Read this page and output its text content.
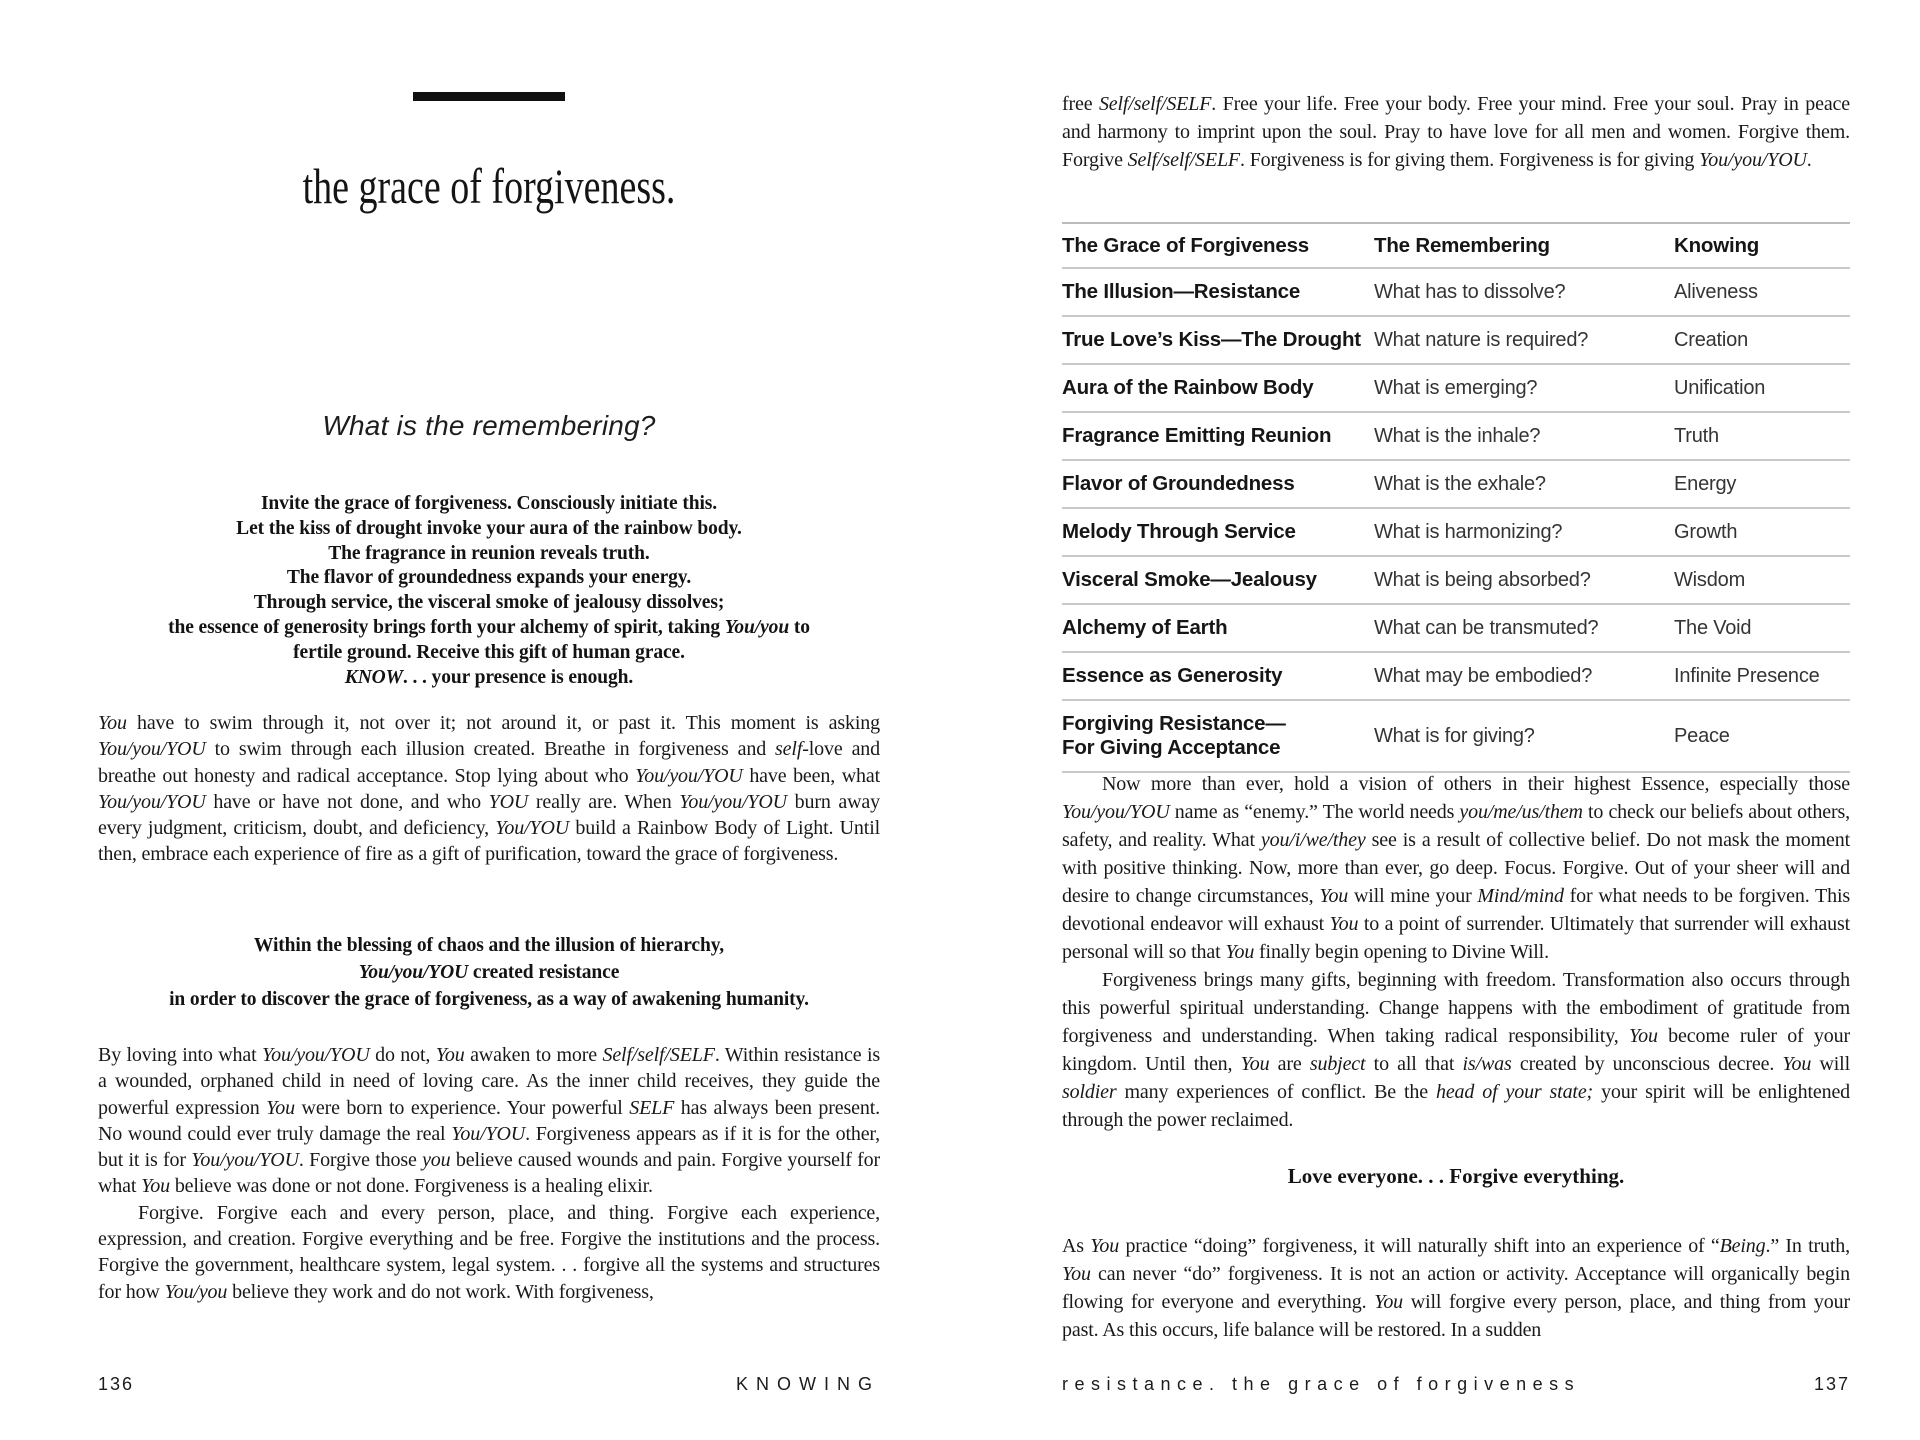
the grace of forgiveness.
What is the remembering?
Invite the grace of forgiveness. Consciously initiate this.
Let the kiss of drought invoke your aura of the rainbow body.
The fragrance in reunion reveals truth.
The flavor of groundedness expands your energy.
Through service, the visceral smoke of jealousy dissolves;
the essence of generosity brings forth your alchemy of spirit, taking You/you to
fertile ground. Receive this gift of human grace.
KNOW. . . your presence is enough.

You have to swim through it, not over it; not around it, or past it. This moment is asking You/you/YOU to swim through each illusion created. Breathe in forgiveness and self-love and breathe out honesty and radical acceptance. Stop lying about who You/you/YOU have been, what You/you/YOU have or have not done, and who YOU really are. When You/you/YOU burn away every judgment, criticism, doubt, and deficiency, You/YOU build a Rainbow Body of Light. Until then, embrace each experience of fire as a gift of purification, toward the grace of forgiveness.

Within the blessing of chaos and the illusion of hierarchy,
You/you/YOU created resistance
in order to discover the grace of forgiveness, as a way of awakening humanity.

By loving into what You/you/YOU do not, You awaken to more Self/self/SELF. Within resistance is a wounded, orphaned child in need of loving care. As the inner child receives, they guide the powerful expression You were born to experience. Your powerful SELF has always been present. No wound could ever truly damage the real You/YOU. Forgiveness appears as if it is for the other, but it is for You/you/YOU. Forgive those you believe caused wounds and pain. Forgive yourself for what You believe was done or not done. Forgiveness is a healing elixir.

Forgive. Forgive each and every person, place, and thing. Forgive each experience, expression, and creation. Forgive everything and be free. Forgive the institutions and the process. Forgive the government, healthcare system, legal system. . . forgive all the systems and structures for how You/you believe they work and do not work. With forgiveness,

136	KNOWING

free Self/self/SELF. Free your life. Free your body. Free your mind. Free your soul. Pray in peace and harmony to imprint upon the soul. Pray to have love for all men and women. Forgive them. Forgive Self/self/SELF. Forgiveness is for giving them. Forgiveness is for giving You/you/YOU.

The Grace of Forgiveness	The Remembering	Knowing
The Illusion—Resistance	What has to dissolve?	Aliveness
True Love’s Kiss—The Drought	What nature is required?	Creation
Aura of the Rainbow Body	What is emerging?	Unification
Fragrance Emitting Reunion	What is the inhale?	Truth
Flavor of Groundedness	What is the exhale?	Energy
Melody Through Service	What is harmonizing?	Growth
Visceral Smoke—Jealousy	What is being absorbed?	Wisdom
Alchemy of Earth	What can be transmuted?	The Void
Essence as Generosity	What may be embodied?	Infinite Presence
Forgiving Resistance—
For Giving Acceptance	What is for giving?	Peace

Now more than ever, hold a vision of others in their highest Essence, especially those You/you/YOU name as “enemy.” The world needs you/me/us/them to check our beliefs about others, safety, and reality. What you/i/we/they see is a result of collective belief. Do not mask the moment with positive thinking. Now, more than ever, go deep. Focus. Forgive. Out of your sheer will and desire to change circumstances, You will mine your Mind/mind for what needs to be forgiven. This devotional endeavor will exhaust You to a point of surrender. Ultimately that surrender will exhaust personal will so that You finally begin opening to Divine Will.

Forgiveness brings many gifts, beginning with freedom. Transformation also occurs through this powerful spiritual understanding. Change happens with the embodiment of gratitude from forgiveness and understanding. When taking radical responsibility, You become ruler of your kingdom. Until then, You are subject to all that is/was created by unconscious decree. You will soldier many experiences of conflict. Be the head of your state; your spirit will be enlightened through the power reclaimed.

Love everyone. . . Forgive everything.

As You practice “doing” forgiveness, it will naturally shift into an experience of “Being.” In truth, You can never “do” forgiveness. It is not an action or activity. Acceptance will organically begin flowing for everyone and everything. You will forgive every person, place, and thing from your past. As this occurs, life balance will be restored. In a sudden

resistance. the grace of forgiveness	137
